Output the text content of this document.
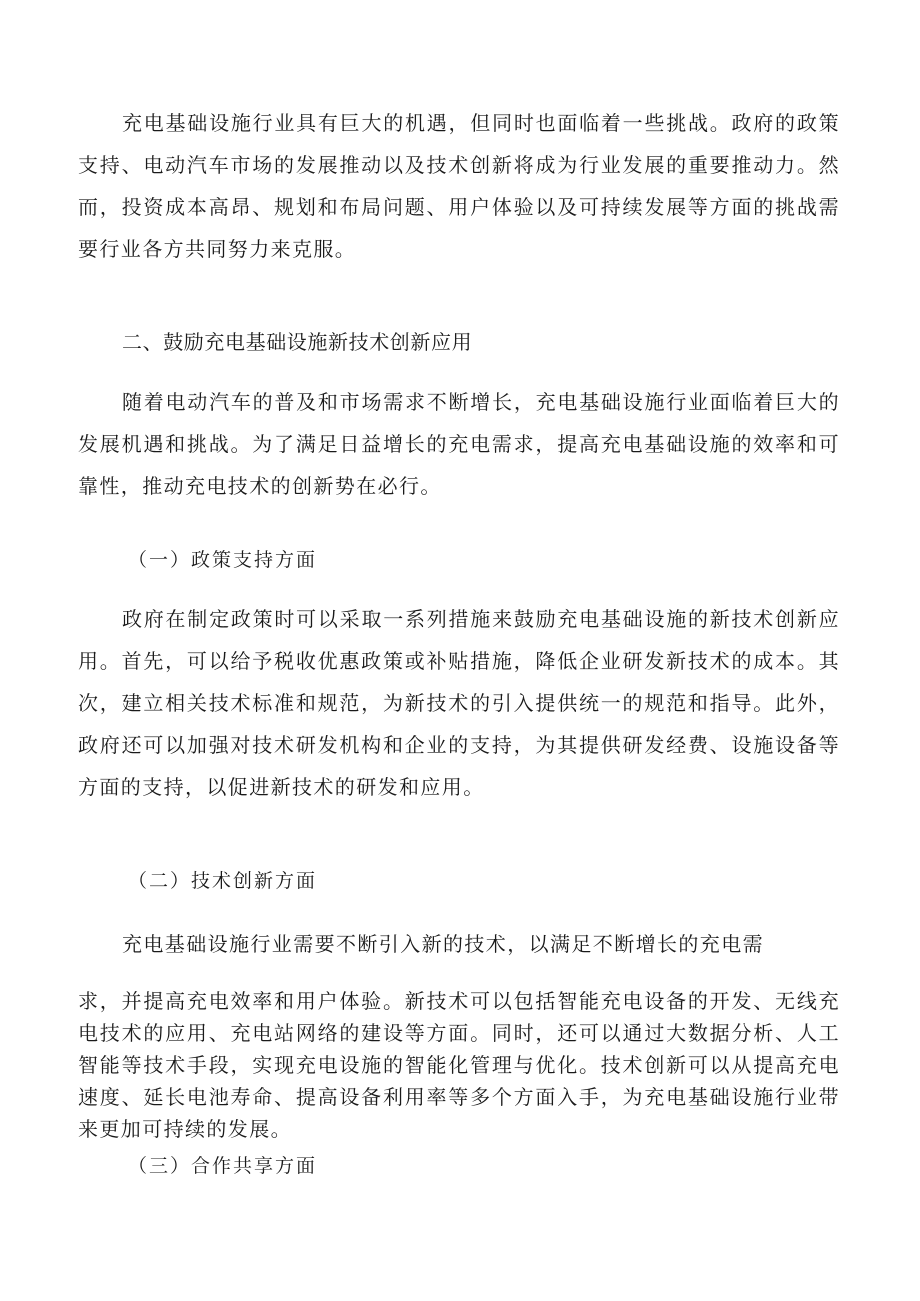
充电基础设施行业具有巨大的机遇，但同时也面临着一些挑战。政府的政策支持、电动汽车市场的发展推动以及技术创新将成为行业发展的重要推动力。然而，投资成本高昂、规划和布局问题、用户体验以及可持续发展等方面的挑战需要行业各方共同努力来克服。

二、鼓励充电基础设施新技术创新应用

随着电动汽车的普及和市场需求不断增长，充电基础设施行业面临着巨大的发展机遇和挑战。为了满足日益增长的充电需求，提高充电基础设施的效率和可靠性，推动充电技术的创新势在必行。

（一）政策支持方面

政府在制定政策时可以采取一系列措施来鼓励充电基础设施的新技术创新应用。首先，可以给予税收优惠政策或补贴措施，降低企业研发新技术的成本。其次，建立相关技术标准和规范，为新技术的引入提供统一的规范和指导。此外，政府还可以加强对技术研发机构和企业的支持，为其提供研发经费、设施设备等方面的支持，以促进新技术的研发和应用。

（二）技术创新方面

充电基础设施行业需要不断引入新的技术，以满足不断增长的充电需

求，并提高充电效率和用户体验。新技术可以包括智能充电设备的开发、无线充电技术的应用、充电站网络的建设等方面。同时，还可以通过大数据分析、人工智能等技术手段，实现充电设施的智能化管理与优化。技术创新可以从提高充电速度、延长电池寿命、提高设备利用率等多个方面入手，为充电基础设施行业带来更加可持续的发展。

（三）合作共享方面
